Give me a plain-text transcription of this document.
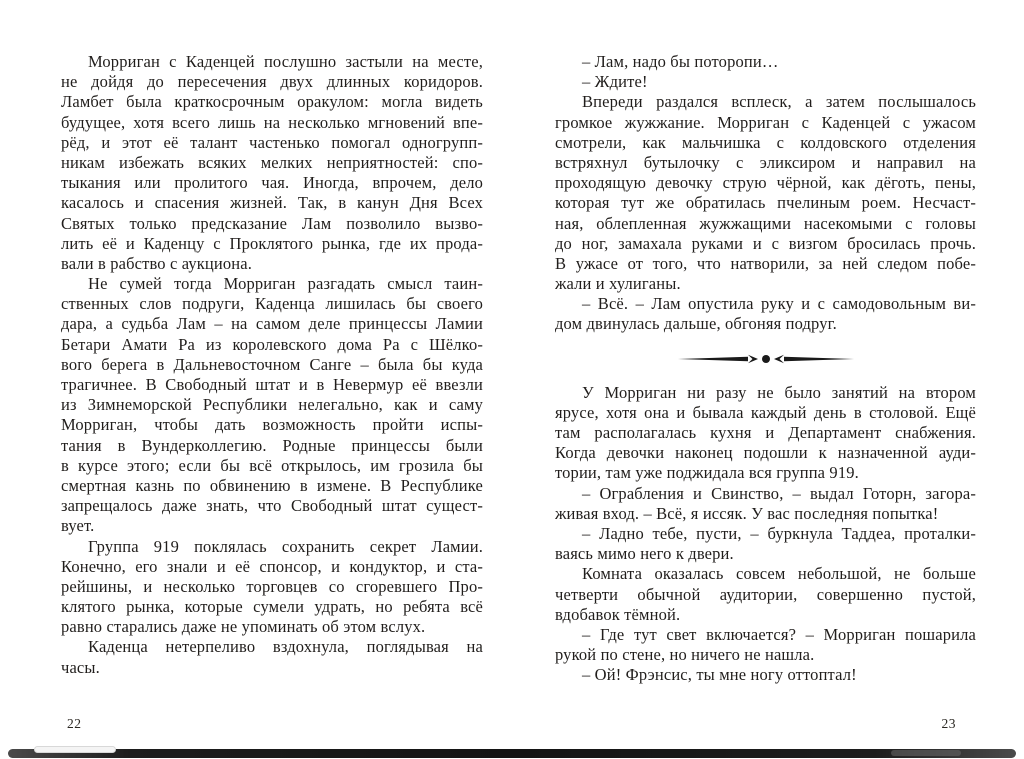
Морриган с Каденцей послушно застыли на месте,
не дойдя до пересечения двух длинных коридоров.
Ламбет была краткосрочным оракулом: могла видеть
будущее, хотя всего лишь на несколько мгновений впе-
рёд, и этот её талант частенько помогал одногрупп-
никам избежать всяких мелких неприятностей: спо-
тыкания или пролитого чая. Иногда, впрочем, дело
касалось и спасения жизней. Так, в канун Дня Всех
Святых только предсказание Лам позволило вызво-
лить её и Каденцу с Проклятого рынка, где их прода-
вали в рабство с аукциона.
Не сумей тогда Морриган разгадать смысл таин-
ственных слов подруги, Каденца лишилась бы своего
дара, а судьба Лам – на самом деле принцессы Ламии
Бетари Амати Ра из королевского дома Ра с Шёлко-
вого берега в Дальневосточном Санге – была бы куда
трагичнее. В Свободный штат и в Невермур её ввезли
из Зимнеморской Республики нелегально, как и саму
Морриган, чтобы дать возможность пройти испы-
тания в Вундерколлегию. Родные принцессы были
в курсе этого; если бы всё открылось, им грозила бы
смертная казнь по обвинению в измене. В Республике
запрещалось даже знать, что Свободный штат сущест-
вует.
Группа 919 поклялась сохранить секрет Ламии.
Конечно, его знали и её спонсор, и кондуктор, и ста-
рейшины, и несколько торговцев со сгоревшего Про-
клятого рынка, которые сумели удрать, но ребята всё
равно старались даже не упоминать об этом вслух.
Каденца нетерпеливо вздохнула, поглядывая на
часы.
22
– Лам, надо бы поторопи…
– Ждите!
Впереди раздался всплеск, а затем послышалось
громкое жужжание. Морриган с Каденцей с ужасом
смотрели, как мальчишка с колдовского отделения
встряхнул бутылочку с эликсиром и направил на
проходящую девочку струю чёрной, как дёготь, пены,
которая тут же обратилась пчелиным роем. Несчаст-
ная, облепленная жужжащими насекомыми с головы
до ног, замахала руками и с визгом бросилась прочь.
В ужасе от того, что натворили, за ней следом побе-
жали и хулиганы.
– Всё. – Лам опустила руку и с самодовольным ви-
дом двинулась дальше, обгоняя подруг.
У Морриган ни разу не было занятий на втором
ярусе, хотя она и бывала каждый день в столовой. Ещё
там располагалась кухня и Департамент снабжения.
Когда девочки наконец подошли к назначенной ауди-
тории, там уже поджидала вся группа 919.
– Ограбления и Свинство, – выдал Готорн, загора-
живая вход. – Всё, я иссяк. У вас последняя попытка!
– Ладно тебе, пусти, – буркнула Таддеа, проталки-
ваясь мимо него к двери.
Комната оказалась совсем небольшой, не больше
четверти обычной аудитории, совершенно пустой,
вдобавок тёмной.
– Где тут свет включается? – Морриган пошарила
рукой по стене, но ничего не нашла.
– Ой! Фрэнсис, ты мне ногу оттоптал!
23
